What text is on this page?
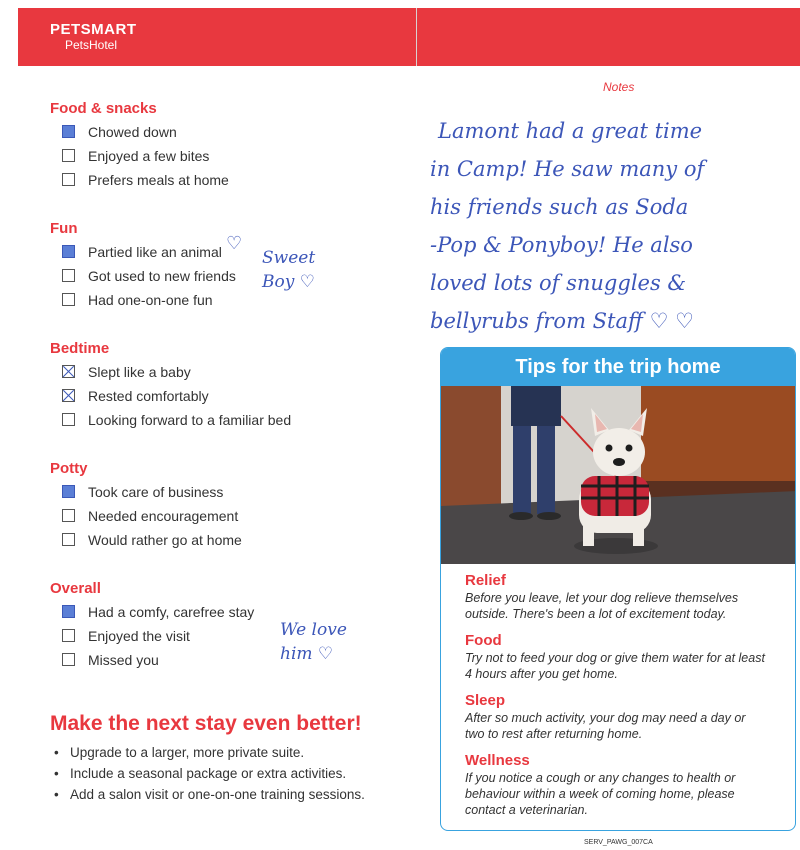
PETSMART
PetsHotel
Food & snacks
Chowed down
Enjoyed a few bites
Prefers meals at home
Fun
Partied like an animal
Got used to new friends
Had one-on-one fun
Bedtime
Slept like a baby
Rested comfortably
Looking forward to a familiar bed
Potty
Took care of business
Needed encouragement
Would rather go at home
Overall
Had a comfy, carefree stay
Enjoyed the visit
Missed you
Sweet
Boy ♡
♡
We love
him ♡
Notes
Lamont had a great time
in Camp! He saw many of
his friends such as Soda
-Pop & Ponyboy! He also
loved lots of snuggles &
bellyrubs from Staff ♡ ♡
Tips for the trip home
Relief

Before you leave, let your dog relieve themselves outside. There's been a lot of excitement today.

Food

Try not to feed your dog or give them water for at least 4 hours after you get home.

Sleep

After so much activity, your dog may need a day or two to rest after returning home.

Wellness

If you notice a cough or any changes to health or behaviour within a week of coming home, please contact a veterinarian.

Make the next stay even better!
• Upgrade to a larger, more private suite.
• Include a seasonal package or extra activities.
• Add a salon visit or one-on-one training sessions.
SERV_PAWG_007CA
